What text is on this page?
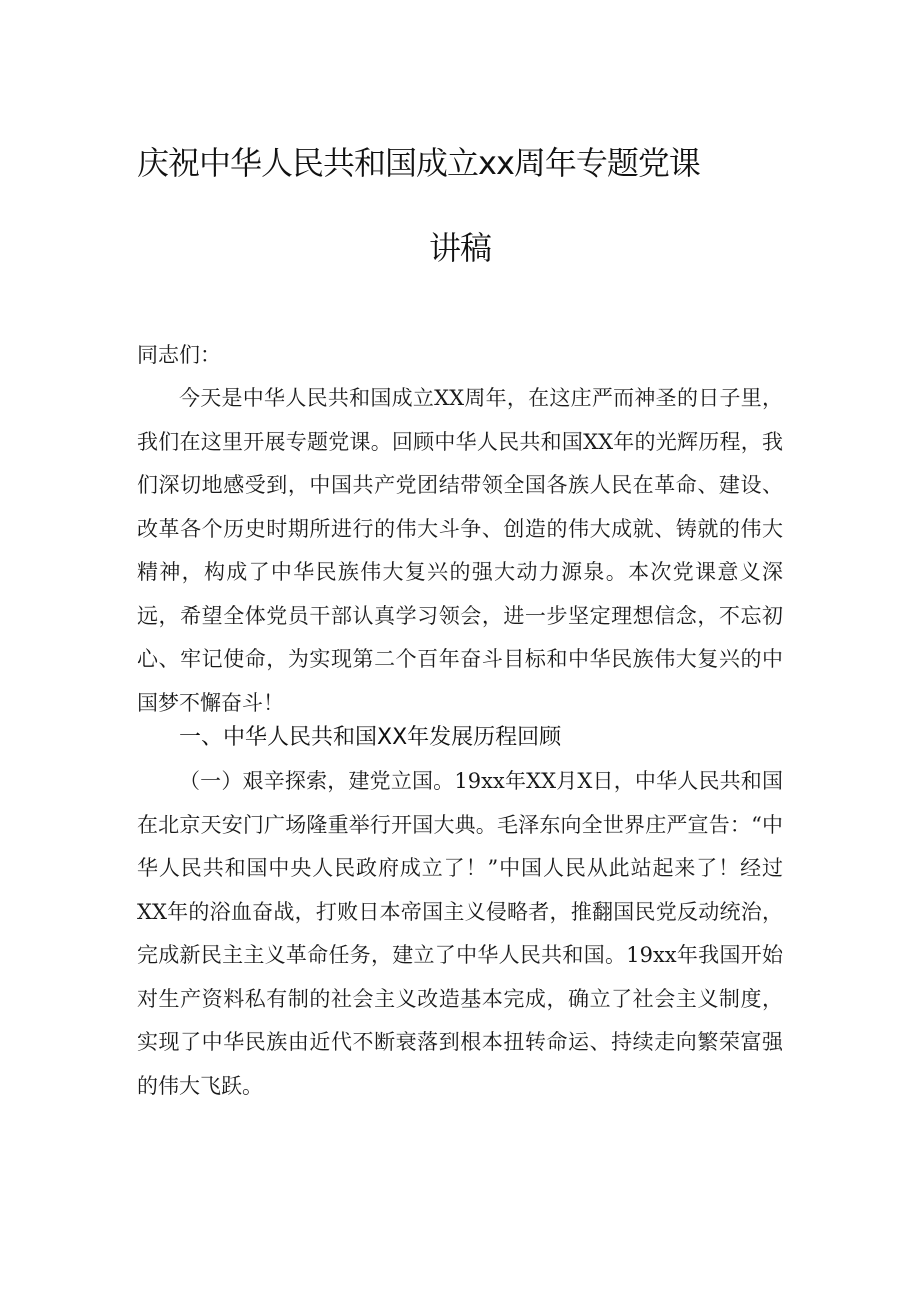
庆祝中华人民共和国成立xx周年专题党课
讲稿

同志们：

今天是中华人民共和国成立XX周年，在这庄严而神圣的日子里，我们在这里开展专题党课。回顾中华人民共和国XX年的光辉历程，我们深切地感受到，中国共产党团结带领全国各族人民在革命、建设、改革各个历史时期所进行的伟大斗争、创造的伟大成就、铸就的伟大精神，构成了中华民族伟大复兴的强大动力源泉。本次党课意义深远，希望全体党员干部认真学习领会，进一步坚定理想信念，不忘初心、牢记使命，为实现第二个百年奋斗目标和中华民族伟大复兴的中国梦不懈奋斗！

一、中华人民共和国XX年发展历程回顾

（一）艰辛探索，建党立国。19xx年XX月X日，中华人民共和国在北京天安门广场隆重举行开国大典。毛泽东向全世界庄严宣告：“中华人民共和国中央人民政府成立了！”中国人民从此站起来了！经过XX年的浴血奋战，打败日本帝国主义侵略者，推翻国民党反动统治，完成新民主主义革命任务，建立了中华人民共和国。19xx年我国开始对生产资料私有制的社会主义改造基本完成，确立了社会主义制度，实现了中华民族由近代不断衰落到根本扭转命运、持续走向繁荣富强的伟大飞跃。
